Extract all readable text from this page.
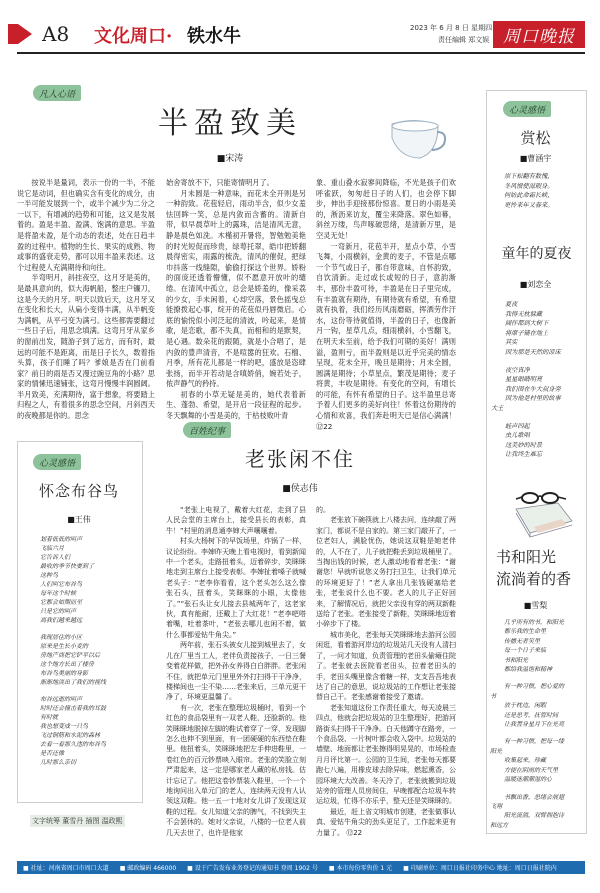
A8 文化周口· 铁水牛	2023 年 6 月 8 日 星期四
责任编辑 郑文娱 周口晚报
凡人心语
半盈致美
■宋涛

按说半是量词，表示一份的一半，不能说它是动词，但也确实含有变化的成分，由一半可能发展到一个，或半个减少为二分之一以下，有增减的趋势和可能，这又是发展着的。盈是丰盈、盈满、饱满的意思。半盈是将盈未盈，是个动态的表述，处在日趋丰盈的过程中。植物的生长、果实的成熟、物或事的盛衰走势，都可以用丰盈来表述。这个过程使人充满期待和向往。

半弯明月，斜挂夜空，这月牙是美的，是最具意向的，似大海帆船，整庄户镰刀，这是今天的月牙。明天以致后天，这月牙又在变化和长大，从扁小变得丰满，从半帆变为满帆，从平弓变为满弓。这些都需要翻过一些日子后，用思念填满。这弯月牙从家乡的窗前出发，随游子到了远方，而有时，最远的可能不是距离，而是日子长久，数着指头算，孩子们睡了吗？爹娘是否在门前看家？前日的雨是否又漫过豌豆角的小路？思家的情愫迅速铺张，这弯月慢慢丰润圆阔。半月致美，充满期待，富于想象，将要踏上归程之人，有着很多的思念空间，月斜西天的夜晚都是你的。思念

始舍寄放不下，只能寄情明月了。

月未圆是一种意味，而花未全开则是另一种韵致。花苞轻启，雨动半含，似少女羞怯回眸一笑，总是内敛而含蓄的。清新自带，似早晨草叶上的露珠，洁是清风无意，静是晨色如洗。木槿初开暑将，智勉勉美艳的时光短促而珍贵，绿萼托翠，皓巾把娇翻晨得密实，雨露的梳洗，清风的催促，把绿巾抖落一线缝隙，偷偷打探这个世界。娇粉的面庞还透着懵懂，似不愿意开放叶的缱绻。在清风中孤立，总会是娇羞的，像采荔的少女，手未闲着，心却空落，景色摇曳总能撩拨起心事，绽开的花苞似丹唇微启。心底的愉悦似小河泛起的清波，吟起来，是情歌，是恋歌，都不失真，而相和的是默契，是心遇。数朵花的跟随，就是小合唱了，是内敛的豊声清音，不是喧嚣的狂欢。石榴、月季，所有花儿都是一样的吧，盛放是恣肆张扬，而半开若动是含嗔娇俏，婉若处子，侬声静气的矜持。

初春的小草无疑是美的，她代表着新生、蓬勃、希望，是开启一段征程的起步。冬天飘舞的小雪是美的，于枯枝败叶青

象、重山叠水寂寥间降临，不光是孩子们欢呼雀跃，匆匆赶日子的人们，也会停下脚步，伸出手迎接那份惊喜。夏日的小雨是美的，淅沥来访友，覆尘来降落。翠色如幕，斜丝万缕，鸟声啄破思绪，是清新万里，是空灵无处！

一弯新月，花苞半开，星点小草，小雪飞舞，小雨横斜，金黄的麦子，不管是点哪一个节气或日子，都自带意味，自怀韵致，自饮清新。走过或长或短的日子，意韵渐丰，那份丰盈可待，丰盈是在日子里完成，有丰盈就有期待，有期待就有希望，有希望就有执着，我们经历风雨磨砺，挥洒劳作汗水，这份等待就值得，半盈的日子，也像新月一钩，星草几点，细雨横斜，小雪翻飞，在明天未至前，给予我们可期的美好！满则溢，盈则亏，而半盈则是以近乎完美的情态呈现，花未全开，晚旦是期待；月未全圆，圆满是期待；小草星点，繁茂是期待；麦子将黄，丰收是期待。有变化的空间，有增长的可能，有怀有希望的日子。这半盈里总寄予着人们更多的美好向往！怀着这份期待的心情和欢喜，我们奔赴明天已是信心满满！ ⑫22

心灵感悟
赏松
■曹涵宇

崇下松翻有数愧，

冬风惯使滋瑕身。

何妨此命霜长峡，

更怜来年又春来。

童年的夏夜
■刘恋全

夏夜

我得无枕躲藏

阔伴都到大树下

将席子铺在地上

其实

因为那是天然的凉床

夜空真净

星星眼睛明亮

我们围在牛大叔身旁

因为他是村里的故事

大王

蛙声四起

虫儿歌唱

这美妙的时景

让我终生难忘

书和阳光
流淌着的香
■雪梨

几乎所有的书，和阳光

都乐我的生命里

传播无者笑里

每一个日子来临

书和阳光

都给我温饱和精神

有一种习惯，把心爱的

书

放于枕边，闲暇

还是思考，抚管时间

让我置身星月下在光亮

有一种习惯，把每一缕

阳光

收集起来，珍藏

方便在阴雨的天气里

温暖迷潮潮湿的心

书飘出香，思绪会展翅

飞翔

阳光流淌，双臂拥抱诗

和远方

心灵感悟
怀念布谷鸟
■王伟

划着低低的叫声

飞临六月

它告诉人们

最收的季节快要到了

这种鸟

人们叫它布谷鸟

每年这个时候

它都会如期而至

只是它的叫声

离我们越来越远

我现居住的小区

原来是生长小麦的

房地产商把它铲平以后

这个地方长出了楼房

布谷鸟美丽的身影

渐渐地淡出了我们的视线

布谷远逝的叫声

时时还会撞击着我的耳鼓

有时就

我也想变成一只鸟

飞过钢筋和水泥的森林

去看一看那久违的布谷鸟

是否还像

儿时那么亲切

百姓纪事
老张闲不住
■侯志伟

“老张上电视了，戴着大红花，走到了县人民会堂的主席台上，接受县长的表彰，真牛！”村里的消息通李婶大声嚷嚷着。

村头大杨树下的早饭场里，炸锅了一样，议论纷纷。李婶昨天晚上看电视时，看到新闻中一个老头，走路扭着头，迈着碎步，笑眯眯地走到主席台上接受表彰。李婶扯着嗓子就喊老头子：“老李你看看，这个老头怎么这么像张石头，扭着头，笑眯眯的小眼，太像他了。”“张石头让女儿接去县城两年了，这老家伙，真有能耐，还戴上了大红花！”老李吧嗒着嘴，吐着茶叶，“老张去哪儿也闲不着，做什么事都爱钻牛角尖。”

两年前，张石头被女儿接到城里去了，女儿在厂里当工人，老伴负责接孩子，一日三餐变着花样做，把外孙女养得白白胖胖。老张闲不住，就把单元门里里外外打扫得干干净净，楼梯间也一尘不染……老张来后，三单元更干净了，环境更温馨了。

有一次，老张在整理垃圾桶时，看到一个红色的食品袋里有一双老人鞋，还脸新的。他笑眯眯地脱掉左脚的鞋试着穿了一穿，发现脚怎么也伸不到里面，有一团硬硬的东西垫在鞋里。他扭着头，笑眯眯地把左手伸进鞋里，一卷红色的百元钞票映入眼帘。老张的笑脸立刻严肃起来，这一定是哪家老人藏的私房钱。估计忘记了。他把这卷钞票装入鞋里，一个一个地询问出入单元门的老人，连续两天没有人认领这双鞋。他一五一十地对女儿讲了发现这双鞋的过程。女儿知道父亲的脾气，不找到失主不会罢休的。她对父亲说，八楼的一位老人前几天去世了，也许是他家

的。

老张放下碗筷就上八楼去问，连续敲了两家门，都说不是自家的。第三家门敲开了，一位老妇人，满脸忧伤，她说这双鞋是她老伴的，人不在了，儿子就把鞋丢到垃圾桶里了。当掏出钱的时候，老人激动地看着老张：“谢谢您！早就听说您义务打扫卫生，让我们单元的环境更好了！”老人拿出几张钱硬塞给老张，老张说什么也不要。老人的儿子正好回来，了解情况后，就把父亲没有穿的两双新鞋送给了老张。老张接受了新鞋，笑眯眯地迈着小碎步下了楼。

城市美化，老张每天笑眯眯地去游河公园闲逛，看着游河岸边的垃圾站几天没有人清扫了，一问才知道，负责管理的老田头偷瘫住院了。老张就去医院看老田头，拉着老田头的手，老田头嘴里像含着糖一样，支支吾吾地表达了自己的意思，说垃圾站的工作想让老张接替自己干。老张感谢着接受了邀请。

老张知道这份工作责任重大，每天凌晨三四点，他就会把垃圾站的卫生整理好，把游河路街头扫得干干净净。白天他蹲守在路旁，一个食品袋、一片树叶都会收入袋中。垃圾站的墙壁、地面都让老张擦得明晃晃的，市场检查月月评比第一。公园的卫生间，老张每天都要跑七八遍，用橡皮球去除异味，燃起熏香，公园环境大大改善。冬天冷了，老张就搬到垃圾站旁的管理人员房间住，早晚都配合垃圾车转运垃圾，忙得不亦乐乎，整天还是笑眯眯的。

最近，赶上省文明城市创建，老张做事认真、爱钻牛角尖的劲头更足了，工作起来更有力量了。 ⑫22

文字统筹 董雪丹 插图 温政熙
■ 社址：河南省周口市周口大道	■ 邮政编码 466000	■ 设于广告发布业务登记的通知书 登周 1902 号	■ 本市每份零售价 1 元	■ 印刷单位：周口日报社印务中心 地址：周口日报社院内
